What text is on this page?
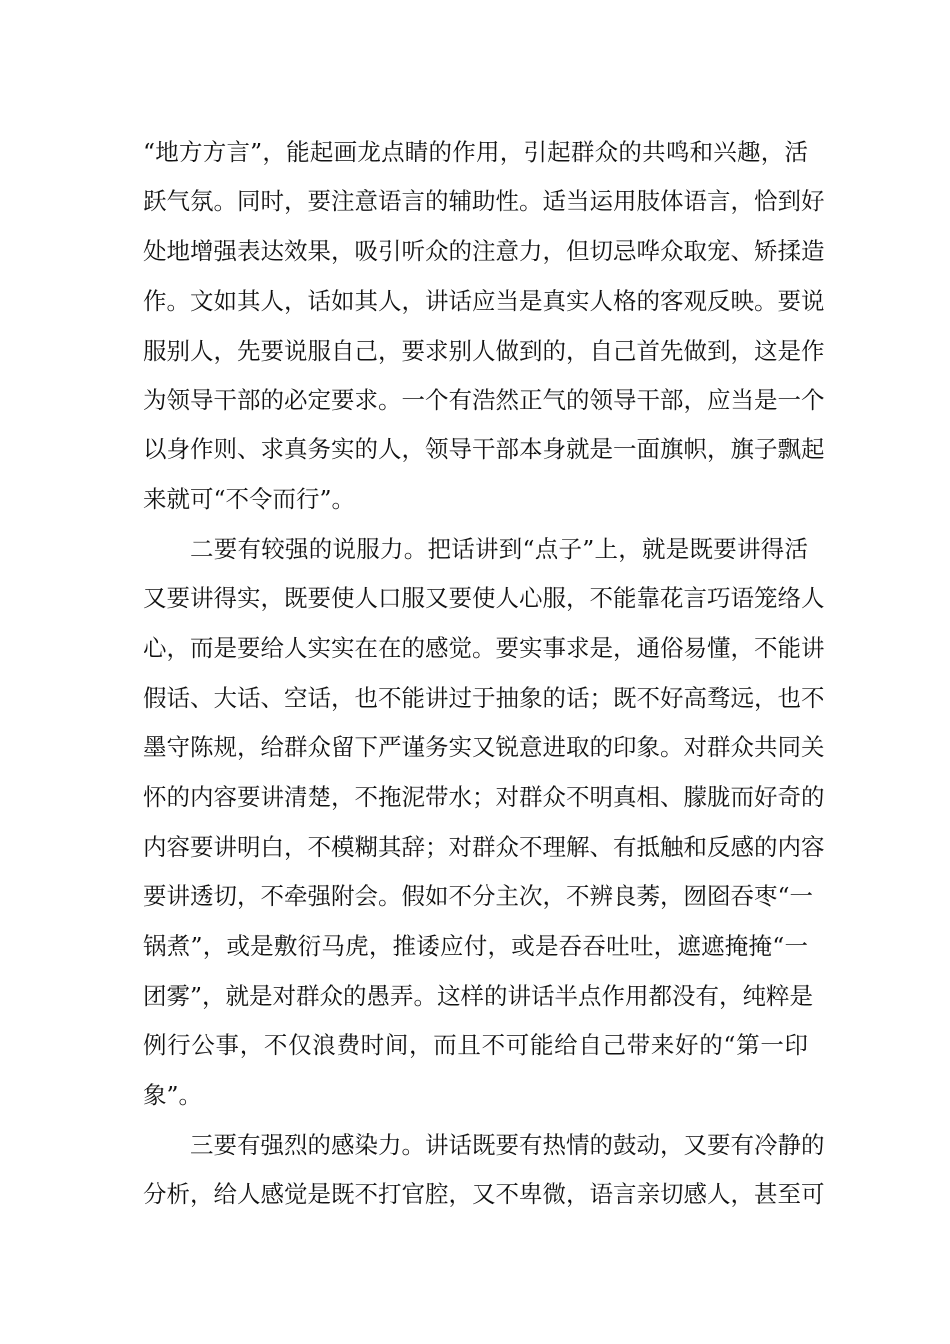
“地方方言”，能起画龙点睛的作用，引起群众的共鸣和兴趣，活
跃气氛。同时，要注意语言的辅助性。适当运用肢体语言，恰到好
处地增强表达效果，吸引听众的注意力，但切忌哗众取宠、矫揉造
作。文如其人，话如其人，讲话应当是真实人格的客观反映。要说
服别人，先要说服自己，要求别人做到的，自己首先做到，这是作
为领导干部的必定要求。一个有浩然正气的领导干部，应当是一个
以身作则、求真务实的人，领导干部本身就是一面旗帜，旗子飘起
来就可“不令而行”。
二要有较强的说服力。把话讲到“点子”上，就是既要讲得活
又要讲得实，既要使人口服又要使人心服，不能靠花言巧语笼络人
心，而是要给人实实在在的感觉。要实事求是，通俗易懂，不能讲
假话、大话、空话，也不能讲过于抽象的话；既不好高骛远，也不
墨守陈规，给群众留下严谨务实又锐意进取的印象。对群众共同关
怀的内容要讲清楚，不拖泥带水；对群众不明真相、朦胧而好奇的
内容要讲明白，不模糊其辞；对群众不理解、有抵触和反感的内容
要讲透切，不牵强附会。假如不分主次，不辨良莠，囫囵吞枣“一
锅煮”，或是敷衍马虎，推诿应付，或是吞吞吐吐，遮遮掩掩“一
团雾”，就是对群众的愚弄。这样的讲话半点作用都没有，纯粹是
例行公事，不仅浪费时间，而且不可能给自己带来好的“第一印
象”。
三要有强烈的感染力。讲话既要有热情的鼓动，又要有冷静的
分析，给人感觉是既不打官腔，又不卑微，语言亲切感人，甚至可
